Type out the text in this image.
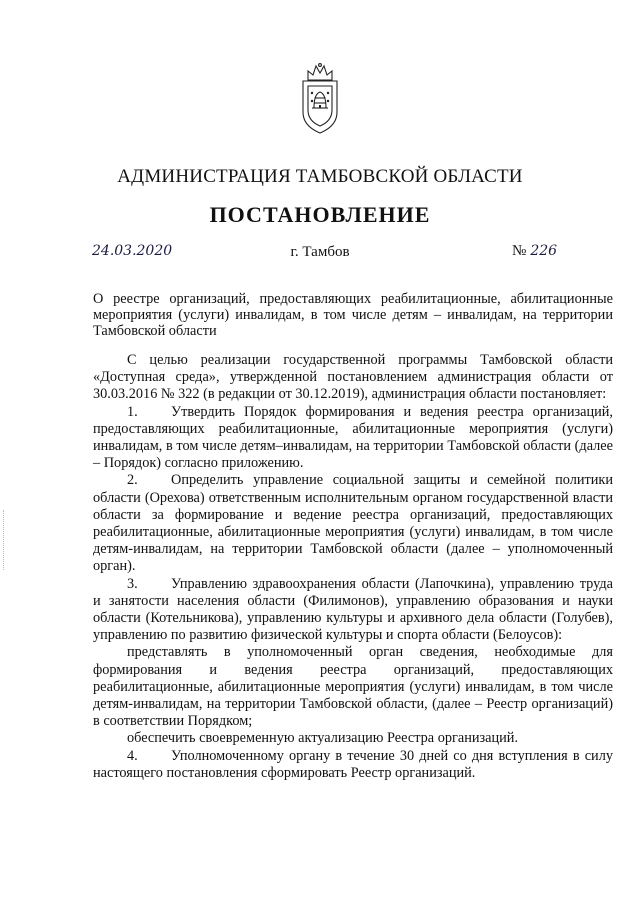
АДМИНИСТРАЦИЯ ТАМБОВСКОЙ ОБЛАСТИ
ПОСТАНОВЛЕНИЕ
24.03.2020	г. Тамбов	№ 226
О реестре организаций, предоставляющих реабилитационные, абилитационные мероприятия (услуги) инвалидам, в том числе детям – инвалидам, на территории Тамбовской области

С целью реализации государственной программы Тамбовской области «Доступная среда», утвержденной постановлением администрация области от 30.03.2016 № 322 (в редакции от 30.12.2019), администрация области постановляет:

1. Утвердить Порядок формирования и ведения реестра организаций, предоставляющих реабилитационные, абилитационные мероприятия (услуги) инвалидам, в том числе детям–инвалидам, на территории Тамбовской области (далее – Порядок) согласно приложению.

2. Определить управление социальной защиты и семейной политики области (Орехова) ответственным исполнительным органом государственной власти области за формирование и ведение реестра организаций, предоставляющих реабилитационные, абилитационные мероприятия (услуги) инвалидам, в том числе детям-инвалидам, на территории Тамбовской области (далее – уполномоченный орган).

3. Управлению здравоохранения области (Лапочкина), управлению труда и занятости населения области (Филимонов), управлению образования и науки области (Котельникова), управлению культуры и архивного дела области (Голубев), управлению по развитию физической культуры и спорта области (Белоусов):

представлять в уполномоченный орган сведения, необходимые для формирования и ведения реестра организаций, предоставляющих реабилитационные, абилитационные мероприятия (услуги) инвалидам, в том числе детям-инвалидам, на территории Тамбовской области, (далее – Реестр организаций) в соответствии Порядком;

обеспечить своевременную актуализацию Реестра организаций.

4. Уполномоченному органу в течение 30 дней со дня вступления в силу настоящего постановления сформировать Реестр организаций.
